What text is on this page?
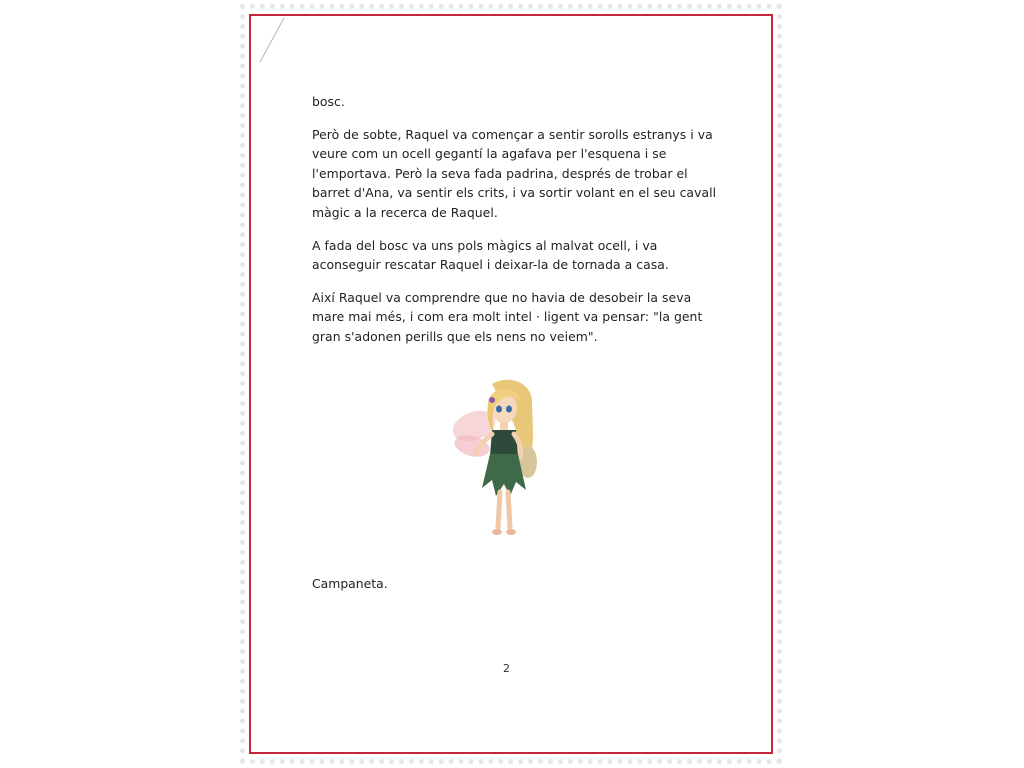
bosc.

Però de sobte, Raquel va començar a sentir sorolls estranys i va veure com un ocell gegantí la agafava per l'esquena i se l'emportava. Però la seva fada padrina, després de trobar el barret d'Ana, va sentir els crits, i va sortir volant en el seu cavall màgic a la recerca de Raquel.

A fada del bosc va uns pols màgics al malvat ocell, i va aconseguir rescatar Raquel i deixar-la de tornada a casa.

Així Raquel va comprendre que no havia de desobeir la seva mare mai més, i com era molt intel · ligent va pensar: "la gent gran s'adonen perills que els nens no veiem".

Campaneta.
2
